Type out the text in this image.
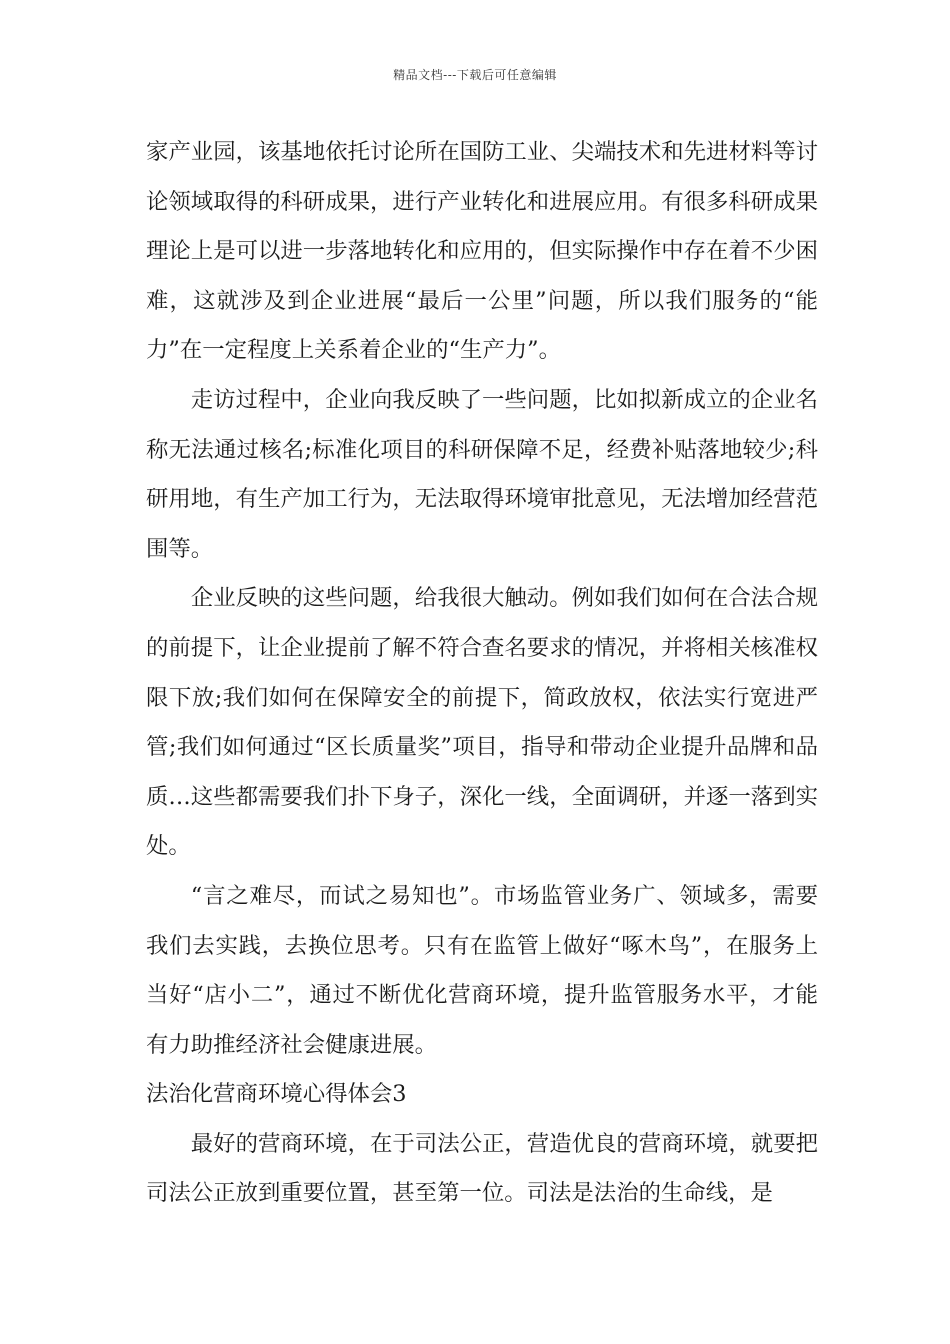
精品文档---下载后可任意编辑

家产业园，该基地依托讨论所在国防工业、尖端技术和先进材料等讨论领域取得的科研成果，进行产业转化和进展应用。有很多科研成果理论上是可以进一步落地转化和应用的，但实际操作中存在着不少困难，这就涉及到企业进展“最后一公里”问题，所以我们服务的“能力”在一定程度上关系着企业的“生产力”。

走访过程中，企业向我反映了一些问题，比如拟新成立的企业名称无法通过核名;标准化项目的科研保障不足，经费补贴落地较少;科研用地，有生产加工行为，无法取得环境审批意见，无法增加经营范围等。

企业反映的这些问题，给我很大触动。例如我们如何在合法合规的前提下，让企业提前了解不符合查名要求的情况，并将相关核准权限下放;我们如何在保障安全的前提下，简政放权，依法实行宽进严管;我们如何通过“区长质量奖”项目，指导和带动企业提升品牌和品质…这些都需要我们扑下身子，深化一线，全面调研，并逐一落到实处。

“言之难尽，而试之易知也”。市场监管业务广、领域多，需要我们去实践，去换位思考。只有在监管上做好“啄木鸟”，在服务上当好“店小二”，通过不断优化营商环境，提升监管服务水平，才能有力助推经济社会健康进展。

法治化营商环境心得体会3

最好的营商环境，在于司法公正，营造优良的营商环境，就要把司法公正放到重要位置，甚至第一位。司法是法治的生命线，是
